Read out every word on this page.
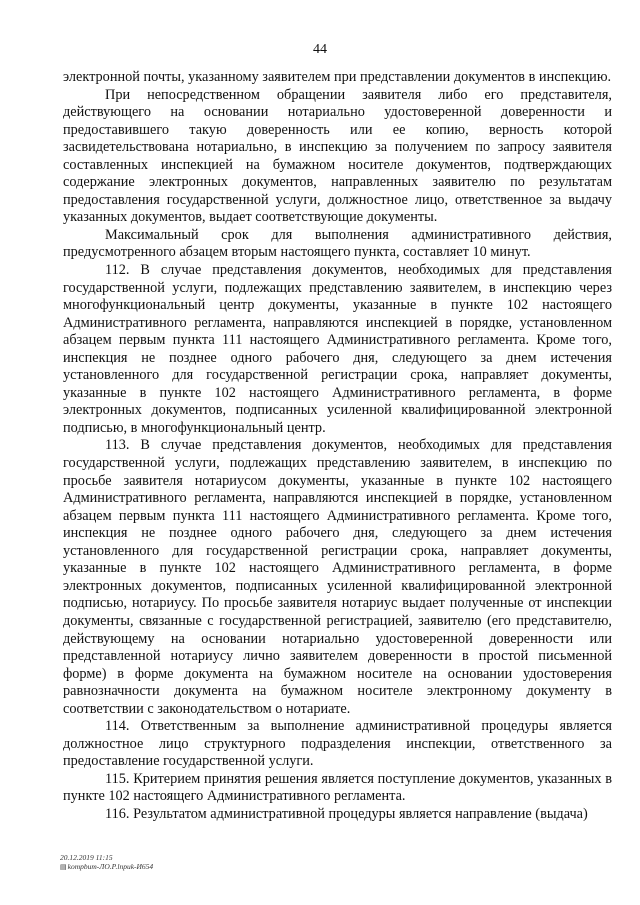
44

электронной почты, указанному заявителем при представлении документов в инспекцию.

При непосредственном обращении заявителя либо его представителя, действующего на основании нотариально удостоверенной доверенности и предоставившего такую доверенность или ее копию, верность которой засвидетельствована нотариально, в инспекцию за получением по запросу заявителя составленных инспекцией на бумажном носителе документов, подтверждающих содержание электронных документов, направленных заявителю по результатам предоставления государственной услуги, должностное лицо, ответственное за выдачу указанных документов, выдает соответствующие документы.

Максимальный срок для выполнения административного действия, предусмотренного абзацем вторым настоящего пункта, составляет 10 минут.

112. В случае представления документов, необходимых для представления государственной услуги, подлежащих представлению заявителем, в инспекцию через многофункциональный центр документы, указанные в пункте 102 настоящего Административного регламента, направляются инспекцией в порядке, установленном абзацем первым пункта 111 настоящего Административного регламента. Кроме того, инспекция не позднее одного рабочего дня, следующего за днем истечения установленного для государственной регистрации срока, направляет документы, указанные в пункте 102 настоящего Административного регламента, в форме электронных документов, подписанных усиленной квалифицированной электронной подписью, в многофункциональный центр.

113. В случае представления документов, необходимых для представления государственной услуги, подлежащих представлению заявителем, в инспекцию по просьбе заявителя нотариусом документы, указанные в пункте 102 настоящего Административного регламента, направляются инспекцией в порядке, установленном абзацем первым пункта 111 настоящего Административного регламента. Кроме того, инспекция не позднее одного рабочего дня, следующего за днем истечения установленного для государственной регистрации срока, направляет документы, указанные в пункте 102 настоящего Административного регламента, в форме электронных документов, подписанных усиленной квалифицированной электронной подписью, нотариусу. По просьбе заявителя нотариус выдает полученные от инспекции документы, связанные с государственной регистрацией, заявителю (его представителю, действующему на основании нотариально удостоверенной доверенности или представленной нотариусу лично заявителем доверенности в простой письменной форме) в форме документа на бумажном носителе на основании удостоверения равнозначности документа на бумажном носителе электронному документу в соответствии с законодательством о нотариате.

114. Ответственным за выполнение административной процедуры является должностное лицо структурного подразделения инспекции, ответственного за предоставление государственной услуги.

115. Критерием принятия решения является поступление документов, указанных в пункте 102 настоящего Административного регламента.

116. Результатом административной процедуры является направление (выдача)

20.12.2019 11:15
▤kompbum-ЛО.Р.lnpuk-И654
